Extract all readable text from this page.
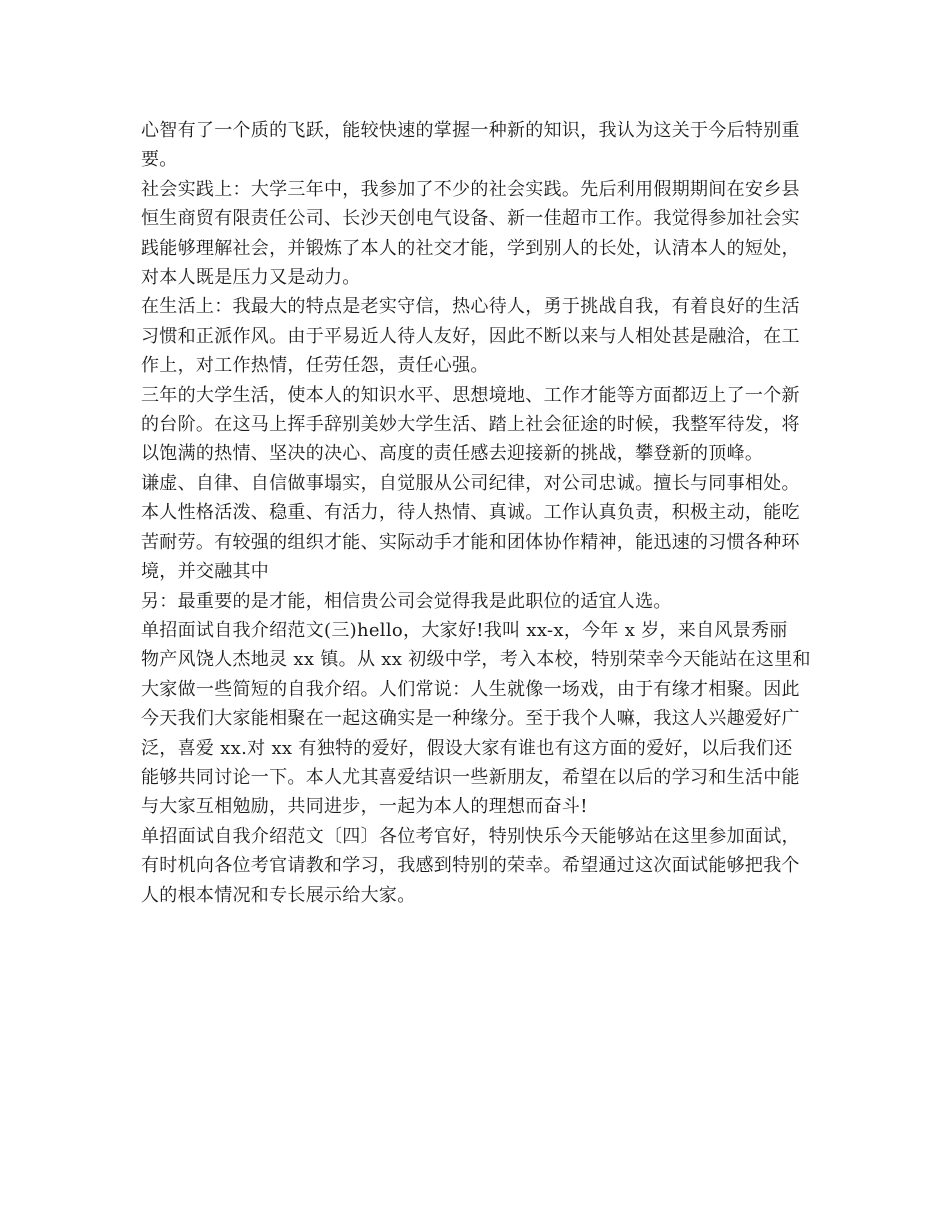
心智有了一个质的飞跃，能较快速的掌握一种新的知识，我认为这关于今后特别重
要。
社会实践上：大学三年中，我参加了不少的社会实践。先后利用假期期间在安乡县
恒生商贸有限责任公司、长沙天创电气设备、新一佳超市工作。我觉得参加社会实
践能够理解社会，并锻炼了本人的社交才能，学到别人的长处，认清本人的短处，
对本人既是压力又是动力。
在生活上：我最大的特点是老实守信，热心待人，勇于挑战自我，有着良好的生活
习惯和正派作风。由于平易近人待人友好，因此不断以来与人相处甚是融洽，在工
作上，对工作热情，任劳任怨，责任心强。
三年的大学生活，使本人的知识水平、思想境地、工作才能等方面都迈上了一个新
的台阶。在这马上挥手辞别美妙大学生活、踏上社会征途的时候，我整军待发，将
以饱满的热情、坚决的决心、高度的责任感去迎接新的挑战，攀登新的顶峰。
谦虚、自律、自信做事塌实，自觉服从公司纪律，对公司忠诚。擅长与同事相处。
本人性格活泼、稳重、有活力，待人热情、真诚。工作认真负责，积极主动，能吃
苦耐劳。有较强的组织才能、实际动手才能和团体协作精神，能迅速的习惯各种环
境，并交融其中
另：最重要的是才能，相信贵公司会觉得我是此职位的适宜人选。
单招面试自我介绍范文(三)hello，大家好!我叫 xx-x，今年 x 岁，来自风景秀丽
物产风饶人杰地灵 xx 镇。从 xx 初级中学，考入本校，特别荣幸今天能站在这里和
大家做一些简短的自我介绍。人们常说：人生就像一场戏，由于有缘才相聚。因此
今天我们大家能相聚在一起这确实是一种缘分。至于我个人嘛，我这人兴趣爱好广
泛，喜爱 xx.对 xx 有独特的爱好，假设大家有谁也有这方面的爱好，以后我们还
能够共同讨论一下。本人尤其喜爱结识一些新朋友，希望在以后的学习和生活中能
与大家互相勉励，共同进步，一起为本人的理想而奋斗!
单招面试自我介绍范文〔四〕各位考官好，特别快乐今天能够站在这里参加面试，
有时机向各位考官请教和学习，我感到特别的荣幸。希望通过这次面试能够把我个
人的根本情况和专长展示给大家。
